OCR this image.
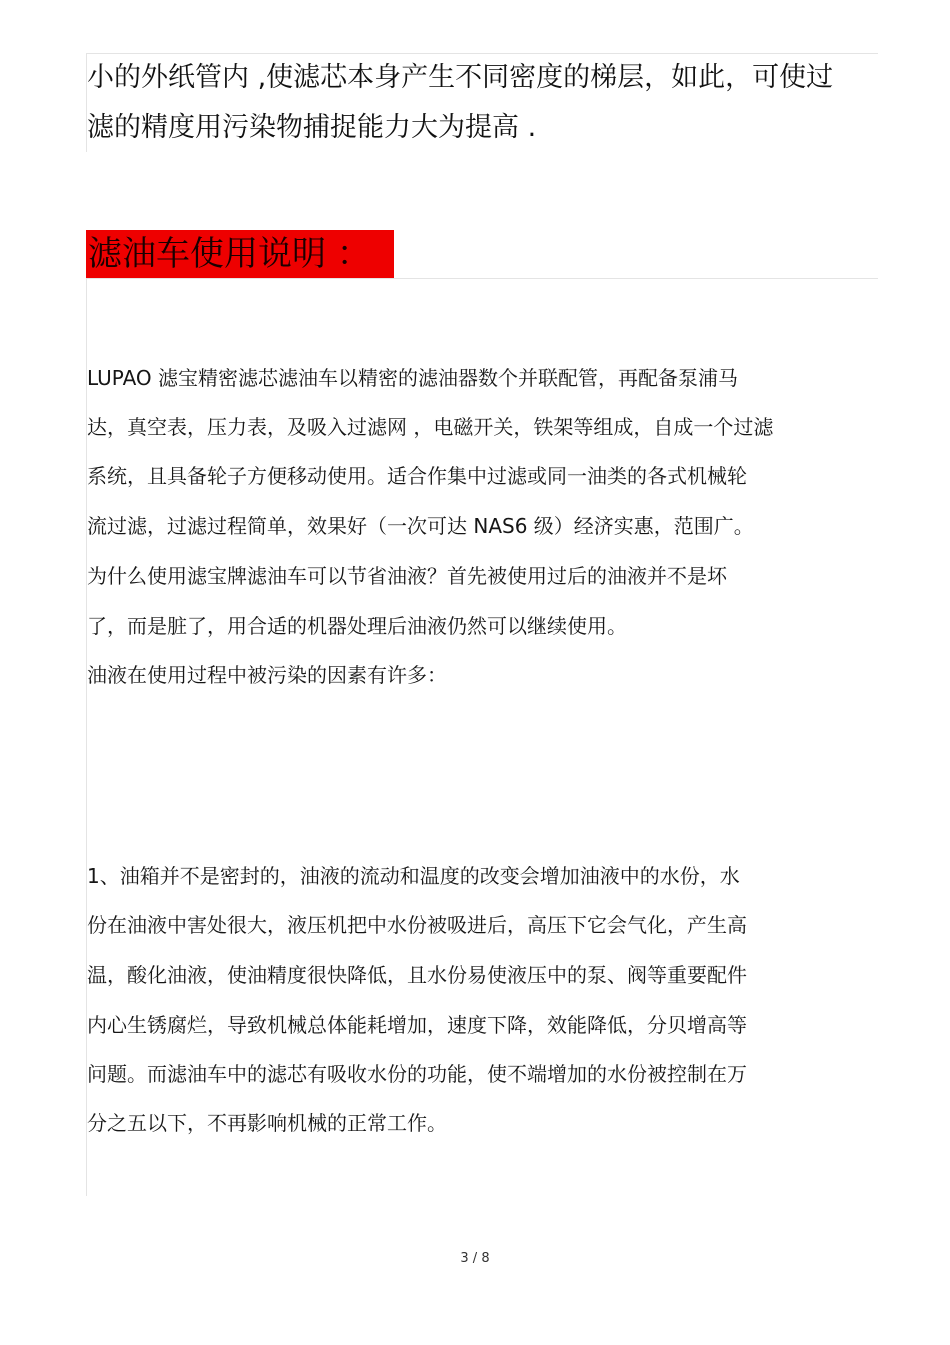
小的外纸管内 ,使滤芯本身产生不同密度的梯层，如此，可使过
滤的精度用污染物捕捉能力大为提高 .
滤油车使用说明 ：
LUPAO 滤宝精密滤芯滤油车以精密的滤油器数个并联配管，再配备泵浦马
达，真空表，压力表，及吸入过滤网 ，电磁开关，铁架等组成，自成一个过滤
系统，且具备轮子方便移动使用。适合作集中过滤或同一油类的各式机械轮
流过滤，过滤过程简单，效果好（一次可达 NAS6 级）经济实惠，范围广。
为什么使用滤宝牌滤油车可以节省油液？首先被使用过后的油液并不是坏
了，而是脏了，用合适的机器处理后油液仍然可以继续使用。
油液在使用过程中被污染的因素有许多：
1、油箱并不是密封的，油液的流动和温度的改变会增加油液中的水份，水
份在油液中害处很大，液压机把中水份被吸进后，高压下它会气化，产生高
温，酸化油液，使油精度很快降低，且水份易使液压中的泵、阀等重要配件
内心生锈腐烂，导致机械总体能耗增加，速度下降，效能降低，分贝增高等
问题。而滤油车中的滤芯有吸收水份的功能，使不端增加的水份被控制在万
分之五以下，不再影响机械的正常工作。
3 / 8
